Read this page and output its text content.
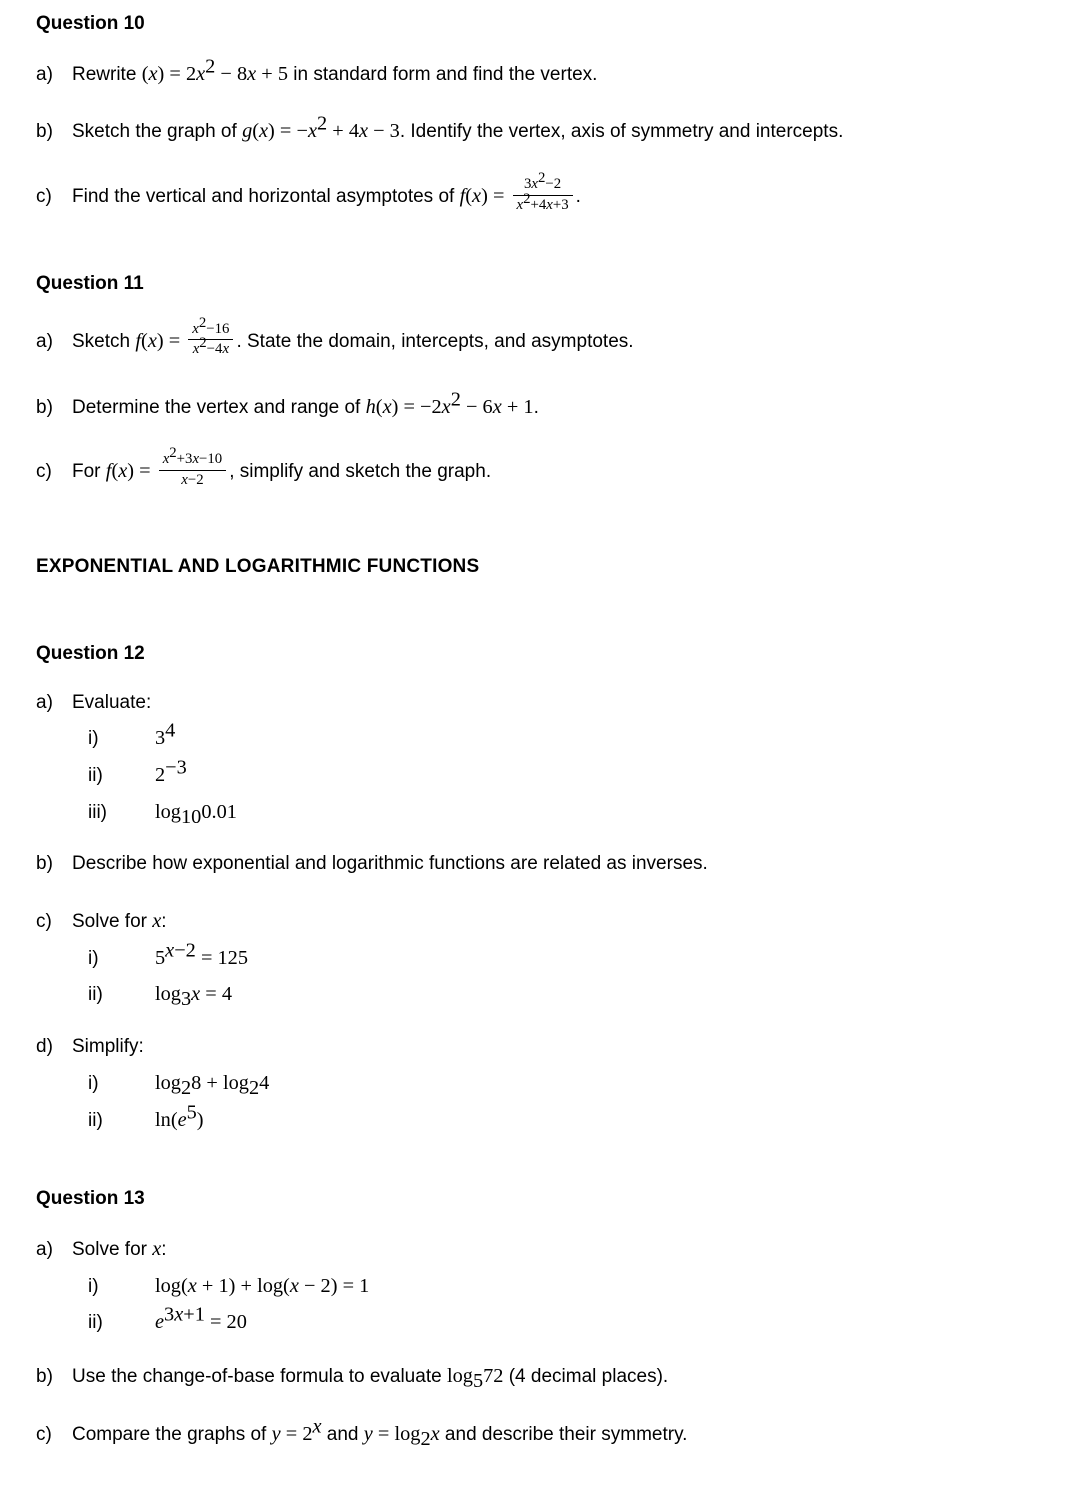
Question 10
a)	Rewrite $(x) = 2x^2 - 8x + 5$ in standard form and find the vertex.
b)	Sketch the graph of $g(x) = -x^2 + 4x - 3$. Identify the vertex, axis of symmetry and intercepts.
c)	Find the vertical and horizontal asymptotes of $f(x) = \frac{3x^2-2}{x^2+4x+3}$ .
Question 11
a)	Sketch $f(x) = \frac{x^2-16}{x^2-4x}$ . State the domain, intercepts, and asymptotes.
b)	Determine the vertex and range of $h(x) = -2x^2 - 6x + 1$.
c)	For $f(x) = \frac{x^2+3x-10}{x-2}$ , simplify and sketch the graph.
EXPONENTIAL AND LOGARITHMIC FUNCTIONS
Question 12
a)	Evaluate:
i)	$3^4$
ii)	$2^{-3}$
iii)	$\log_{10}0.01$
b)	Describe how exponential and logarithmic functions are related as inverses.
c)	Solve for x:
i)	$5^{x-2} = 125$
ii)	$\log_3x = 4$
d)	Simplify:
i)	$\log_28 + \log_24$
ii)	$\ln(e^5)$
Question 13
a)	Solve for x:
i)	log(x + 1) + log(x − 2) = 1
ii)	$e^{3x+1} = 20$
b)	Use the change-of-base formula to evaluate $\log_572$ (4 decimal places).
c)	Compare the graphs of $y = 2^x$ and $y = \log_2x$ and describe their symmetry.
